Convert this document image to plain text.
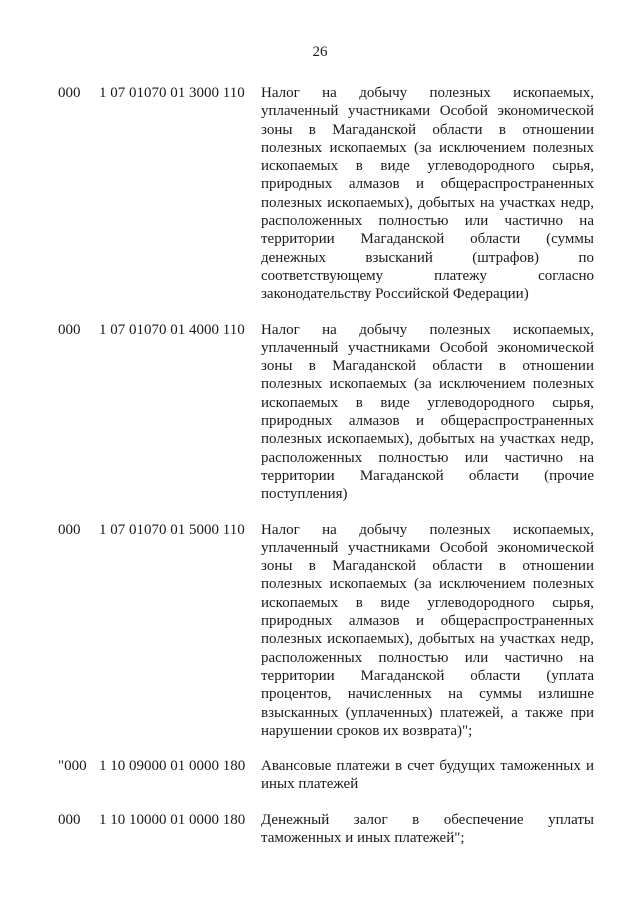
26
000 1 07 01070 01 3000 110 Налог на добычу полезных ископаемых, уплаченный участниками Особой экономической зоны в Магаданской области в отношении полезных ископаемых (за исключением полезных ископаемых в виде углеводородного сырья, природных алмазов и общераспространенных полезных ископаемых), добытых на участках недр, расположенных полностью или частично на территории Магаданской области (суммы денежных взысканий (штрафов) по соответствующему платежу согласно законодательству Российской Федерации)
000 1 07 01070 01 4000 110 Налог на добычу полезных ископаемых, уплаченный участниками Особой экономической зоны в Магаданской области в отношении полезных ископаемых (за исключением полезных ископаемых в виде углеводородного сырья, природных алмазов и общераспространенных полезных ископаемых), добытых на участках недр, расположенных полностью или частично на территории Магаданской области (прочие поступления)
000 1 07 01070 01 5000 110 Налог на добычу полезных ископаемых, уплаченный участниками Особой экономической зоны в Магаданской области в отношении полезных ископаемых (за исключением полезных ископаемых в виде углеводородного сырья, природных алмазов и общераспространенных полезных ископаемых), добытых на участках недр, расположенных полностью или частично на территории Магаданской области (уплата процентов, начисленных на суммы излишне взысканных (уплаченных) платежей, а также при нарушении сроков их возврата)";
"000 1 10 09000 01 0000 180 Авансовые платежи в счет будущих таможенных и иных платежей
000 1 10 10000 01 0000 180 Денежный залог в обеспечение уплаты таможенных и иных платежей";
